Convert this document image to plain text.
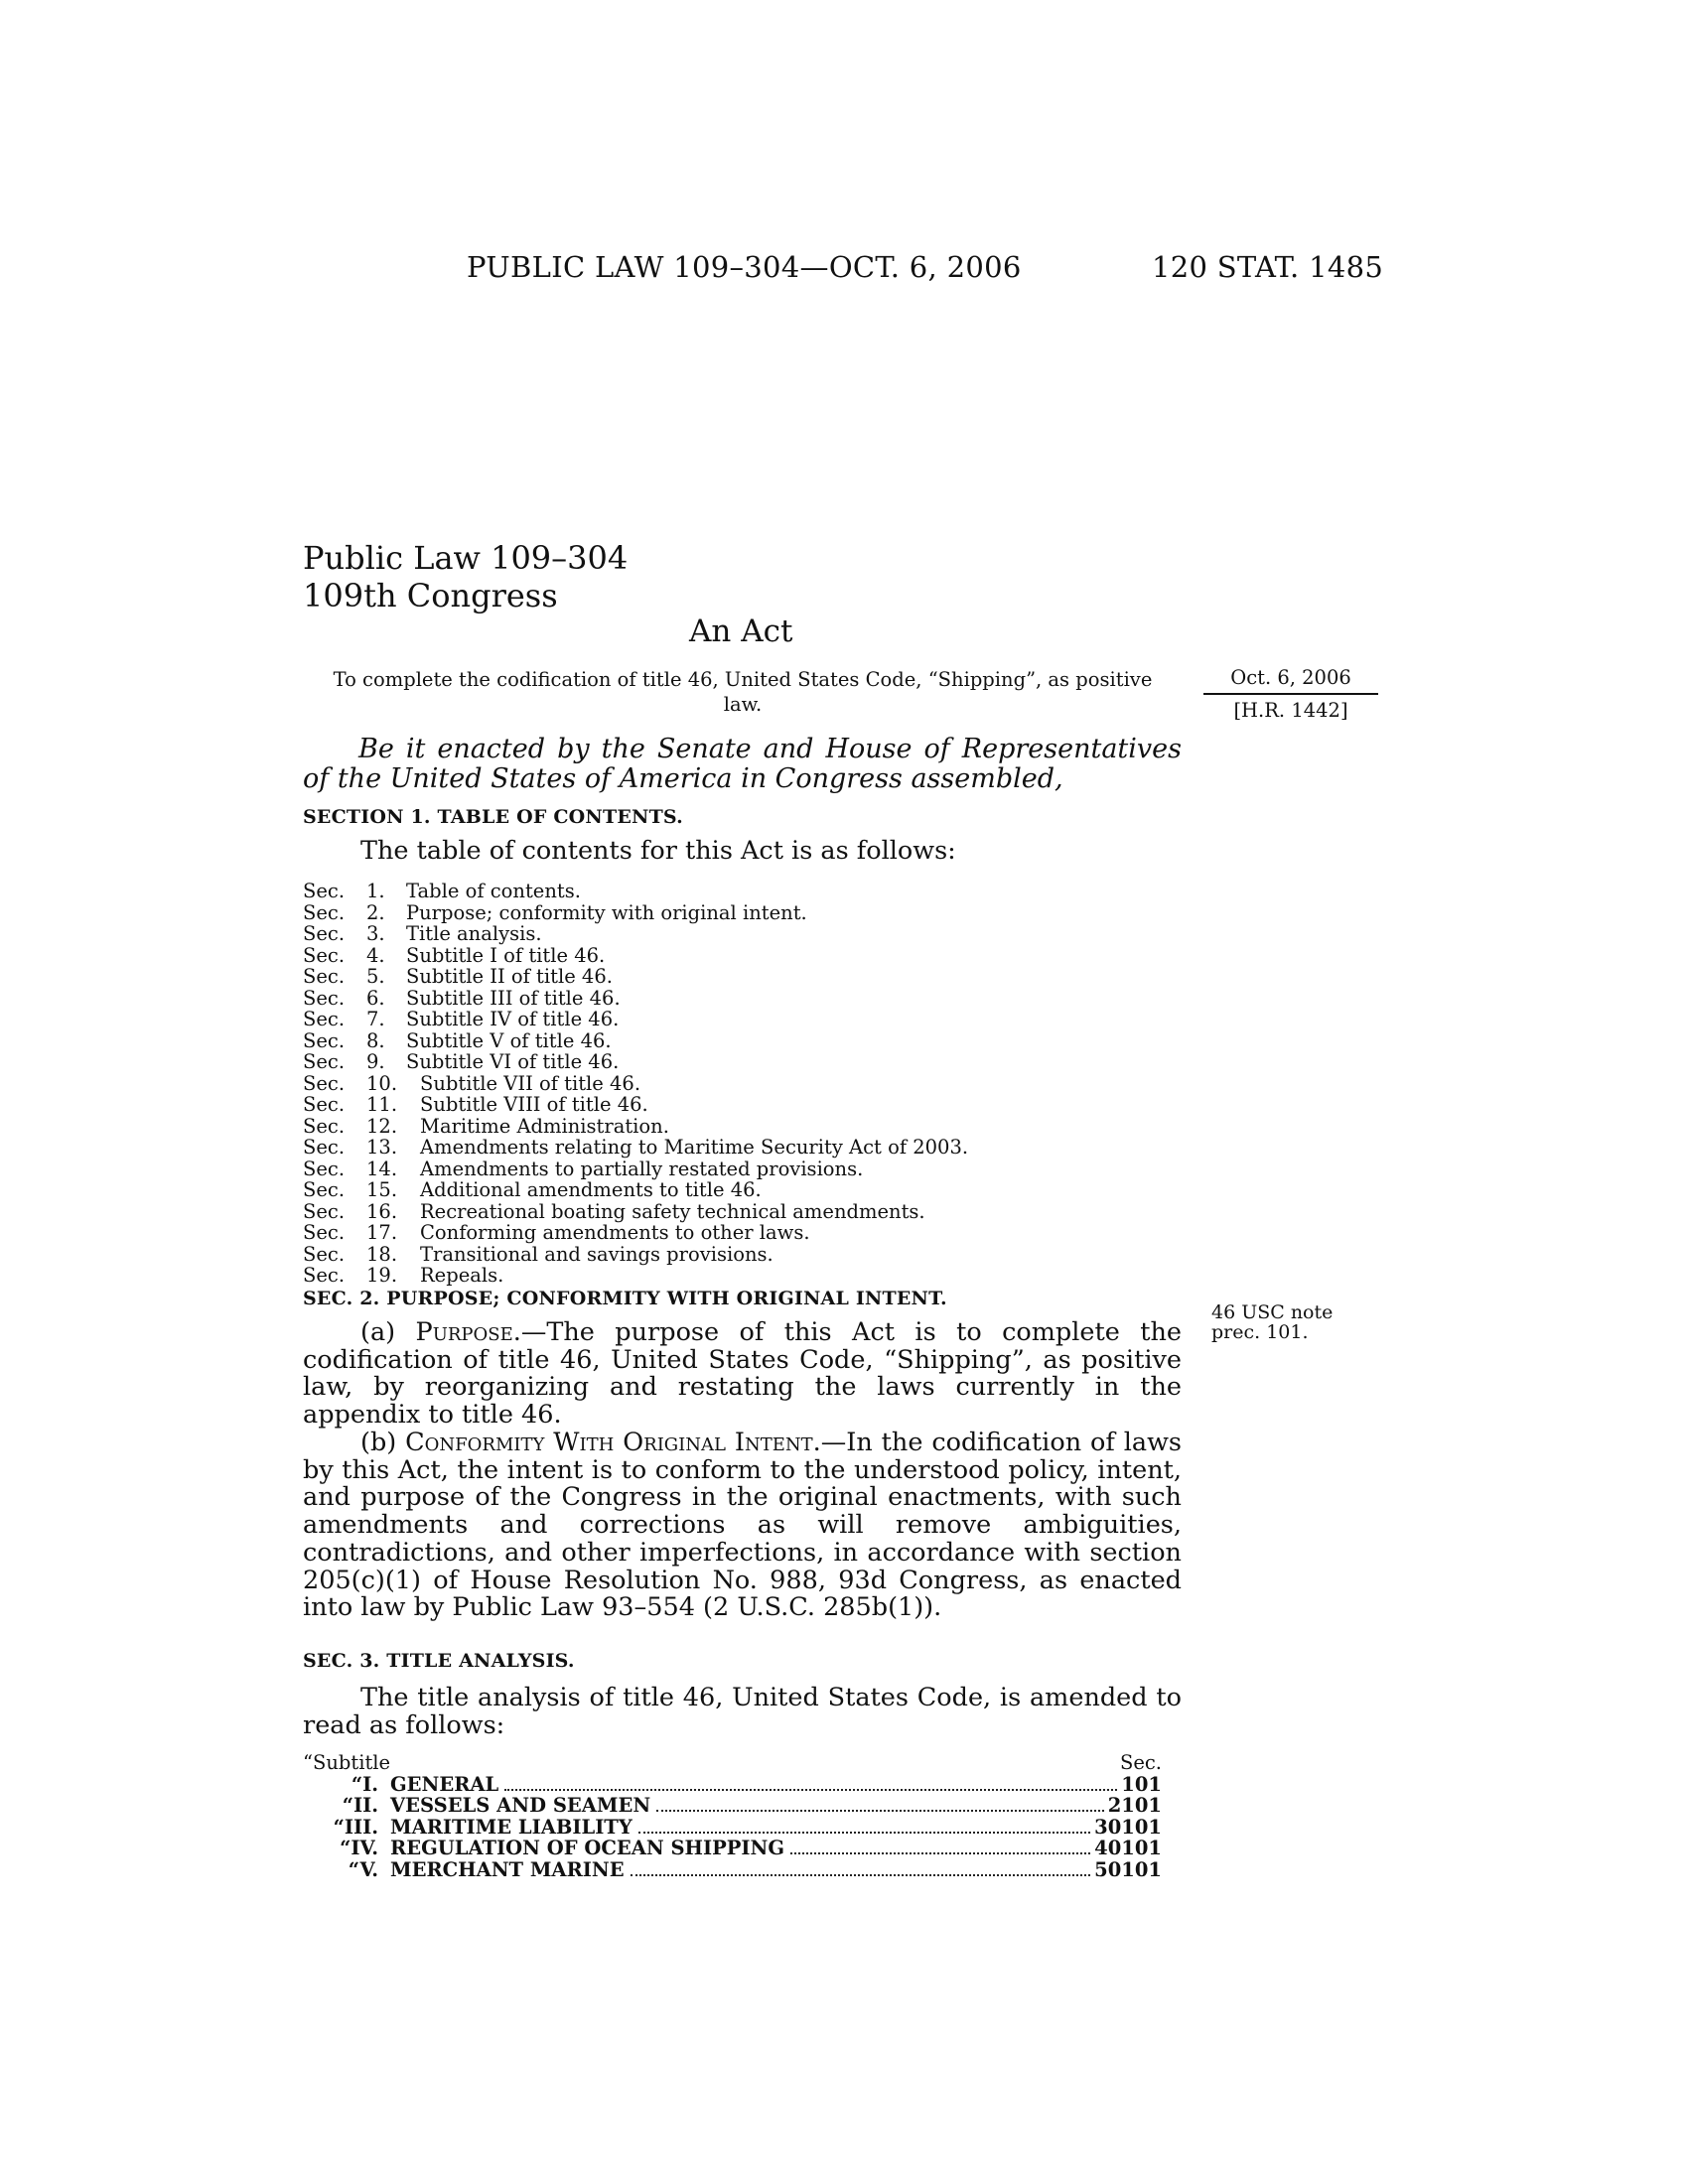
PUBLIC LAW 109–304—OCT. 6, 2006	120 STAT. 1485
Public Law 109–304
109th Congress
An Act
To complete the codification of title 46, United States Code, “Shipping”, as positive law.
Oct. 6, 2006
[H.R. 1442]
Be it enacted by the Senate and House of Representatives of the United States of America in Congress assembled,
SECTION 1. TABLE OF CONTENTS.
The table of contents for this Act is as follows:
Sec. 1. Table of contents.
Sec. 2. Purpose; conformity with original intent.
Sec. 3. Title analysis.
Sec. 4. Subtitle I of title 46.
Sec. 5. Subtitle II of title 46.
Sec. 6. Subtitle III of title 46.
Sec. 7. Subtitle IV of title 46.
Sec. 8. Subtitle V of title 46.
Sec. 9. Subtitle VI of title 46.
Sec. 10. Subtitle VII of title 46.
Sec. 11. Subtitle VIII of title 46.
Sec. 12. Maritime Administration.
Sec. 13. Amendments relating to Maritime Security Act of 2003.
Sec. 14. Amendments to partially restated provisions.
Sec. 15. Additional amendments to title 46.
Sec. 16. Recreational boating safety technical amendments.
Sec. 17. Conforming amendments to other laws.
Sec. 18. Transitional and savings provisions.
Sec. 19. Repeals.
SEC. 2. PURPOSE; CONFORMITY WITH ORIGINAL INTENT.
46 USC note
prec. 101.
(a) Purpose.—The purpose of this Act is to complete the codification of title 46, United States Code, “Shipping”, as positive law, by reorganizing and restating the laws currently in the appendix to title 46.
(b) Conformity With Original Intent.—In the codification of laws by this Act, the intent is to conform to the understood policy, intent, and purpose of the Congress in the original enactments, with such amendments and corrections as will remove ambiguities, contradictions, and other imperfections, in accordance with section 205(c)(1) of House Resolution No. 988, 93d Congress, as enacted into law by Public Law 93–554 (2 U.S.C. 285b(1)).
SEC. 3. TITLE ANALYSIS.
The title analysis of title 46, United States Code, is amended to read as follows:
“Subtitle	Sec.
“I. GENERAL	101
“II. VESSELS AND SEAMEN	2101
“III. MARITIME LIABILITY	30101
“IV. REGULATION OF OCEAN SHIPPING	40101
“V. MERCHANT MARINE	50101
